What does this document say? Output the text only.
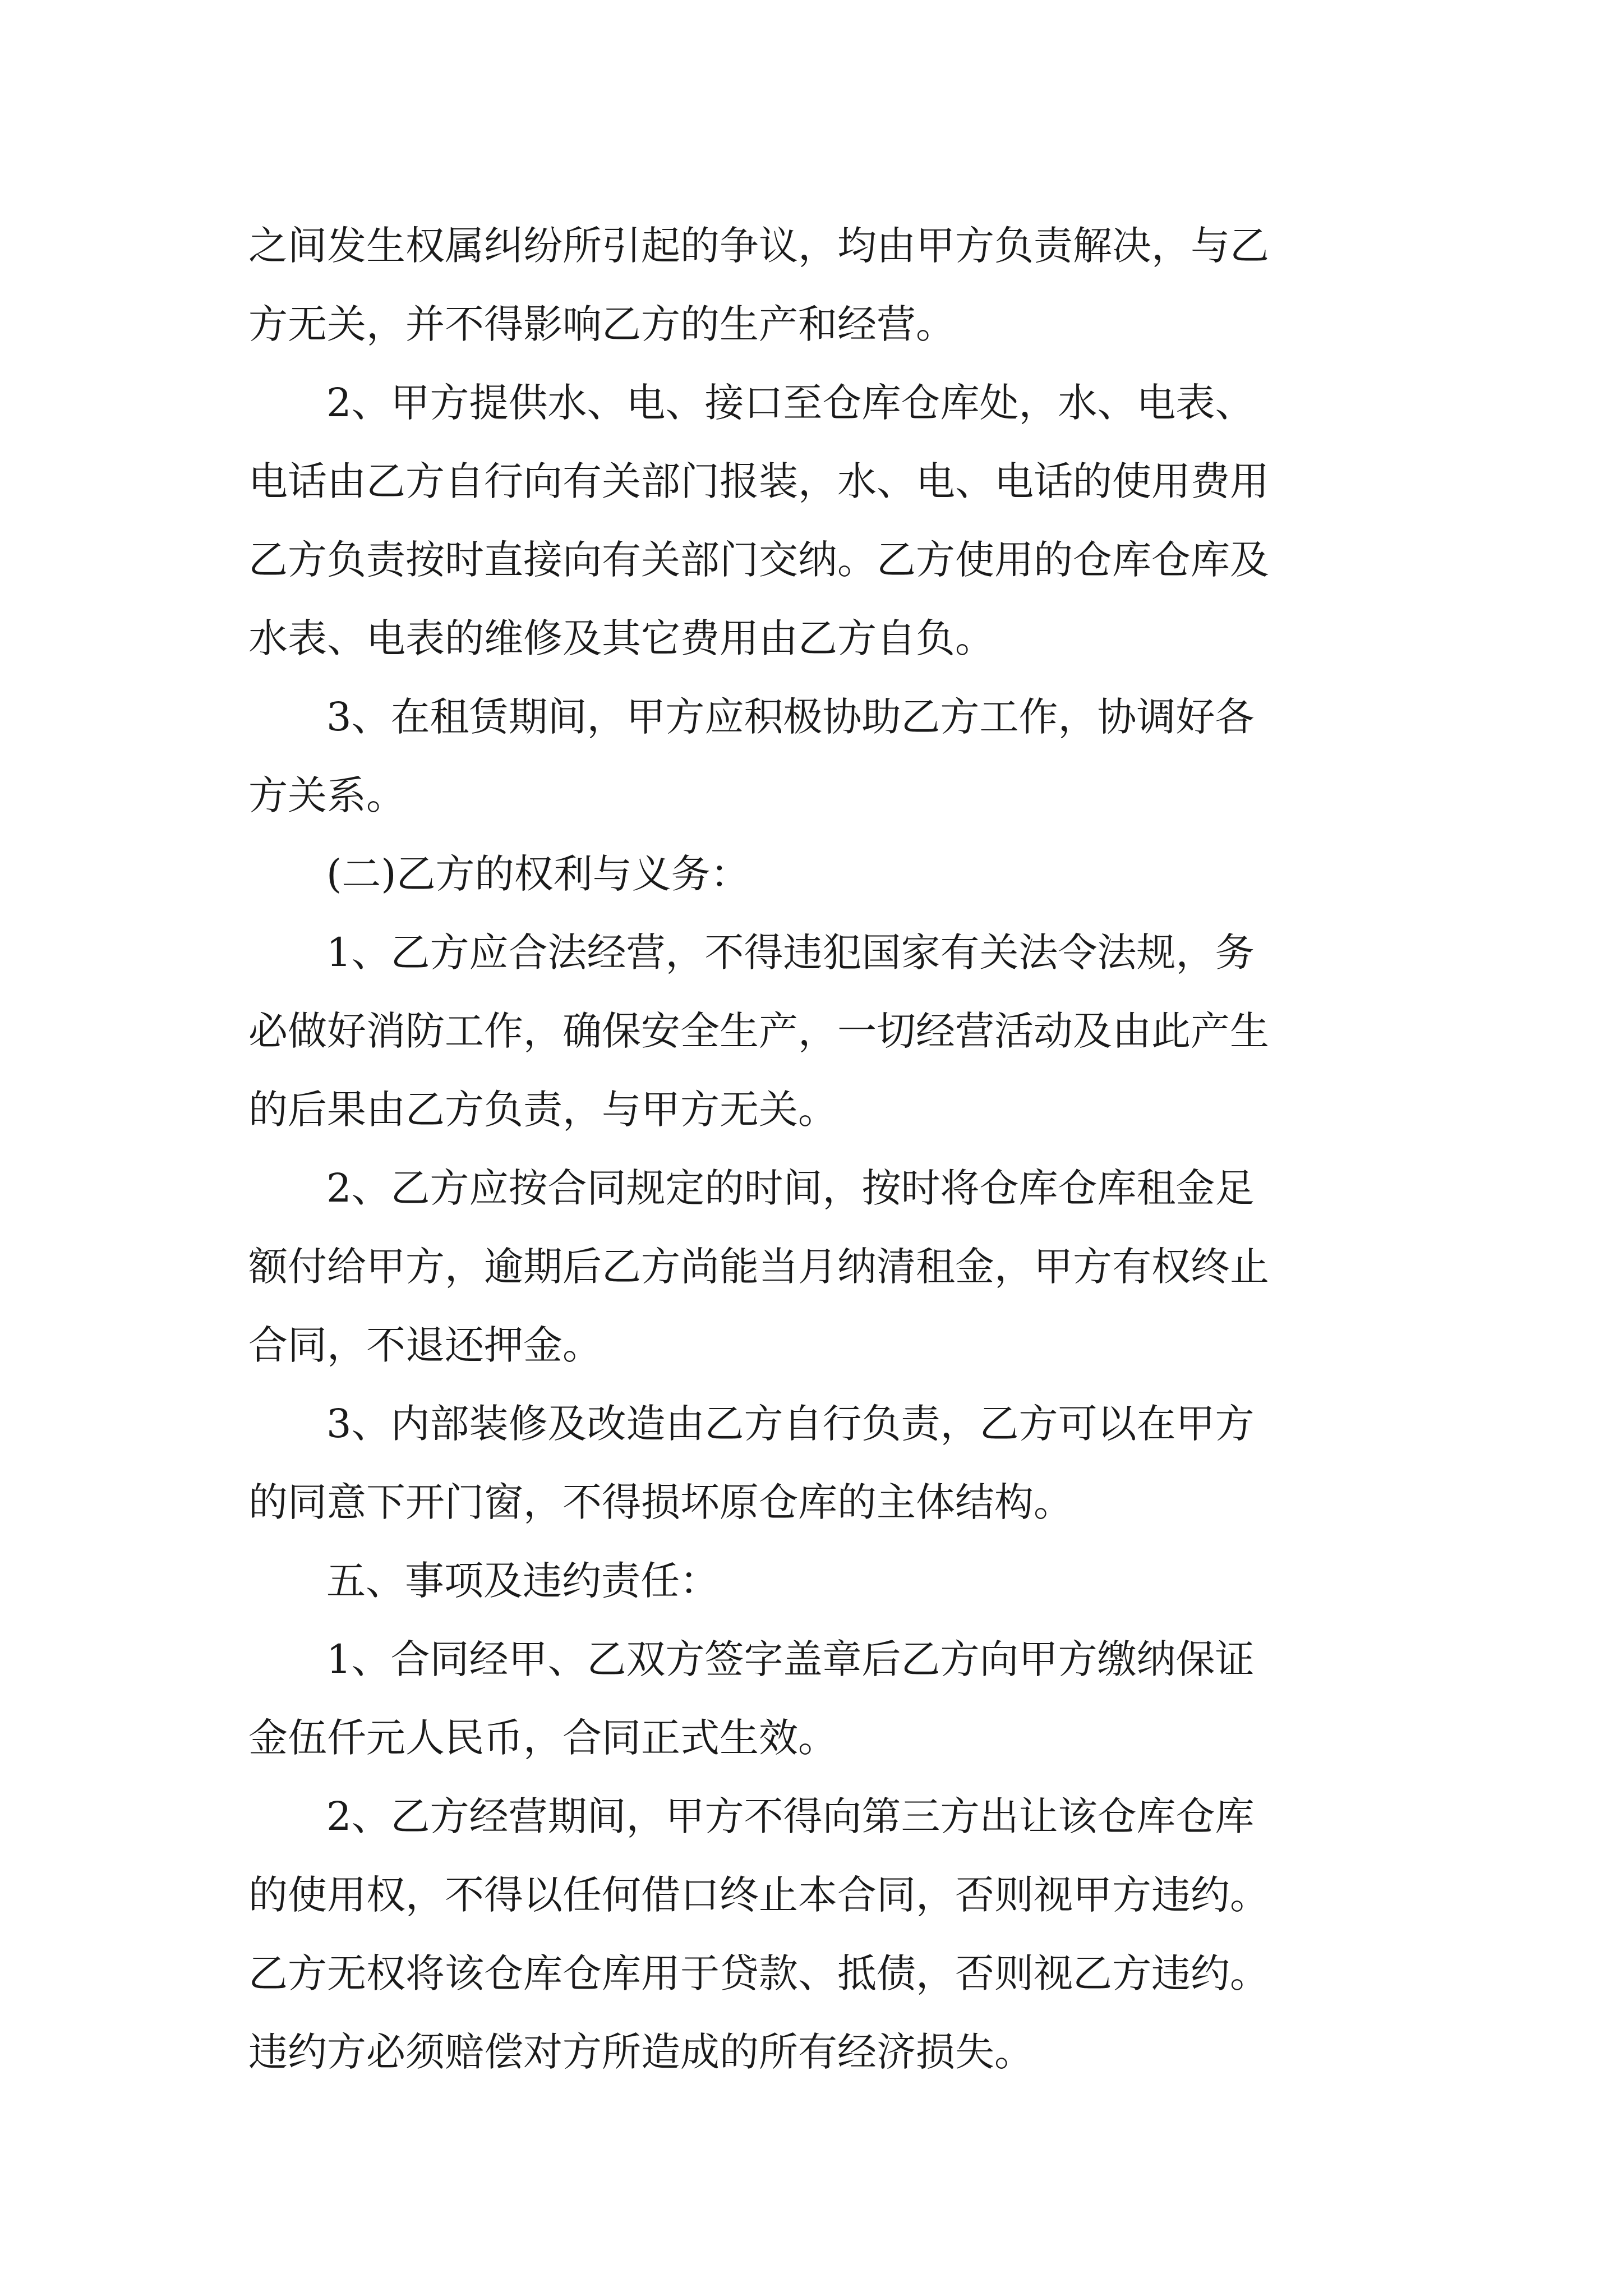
之间发生权属纠纷所引起的争议，均由甲方负责解决，与乙
方无关，并不得影响乙方的生产和经营。
2、甲方提供水、电、接口至仓库仓库处，水、电表、
电话由乙方自行向有关部门报装，水、电、电话的使用费用
乙方负责按时直接向有关部门交纳。乙方使用的仓库仓库及
水表、电表的维修及其它费用由乙方自负。
3、在租赁期间，甲方应积极协助乙方工作，协调好各
方关系。
(二)乙方的权利与义务：
1、乙方应合法经营，不得违犯国家有关法令法规，务
必做好消防工作，确保安全生产，一切经营活动及由此产生
的后果由乙方负责，与甲方无关。
2、乙方应按合同规定的时间，按时将仓库仓库租金足
额付给甲方，逾期后乙方尚能当月纳清租金，甲方有权终止
合同，不退还押金。
3、内部装修及改造由乙方自行负责，乙方可以在甲方
的同意下开门窗，不得损坏原仓库的主体结构。
五、事项及违约责任：
1、合同经甲、乙双方签字盖章后乙方向甲方缴纳保证
金伍仟元人民币，合同正式生效。
2、乙方经营期间，甲方不得向第三方出让该仓库仓库
的使用权，不得以任何借口终止本合同，否则视甲方违约。
乙方无权将该仓库仓库用于贷款、抵债，否则视乙方违约。
违约方必须赔偿对方所造成的所有经济损失。
